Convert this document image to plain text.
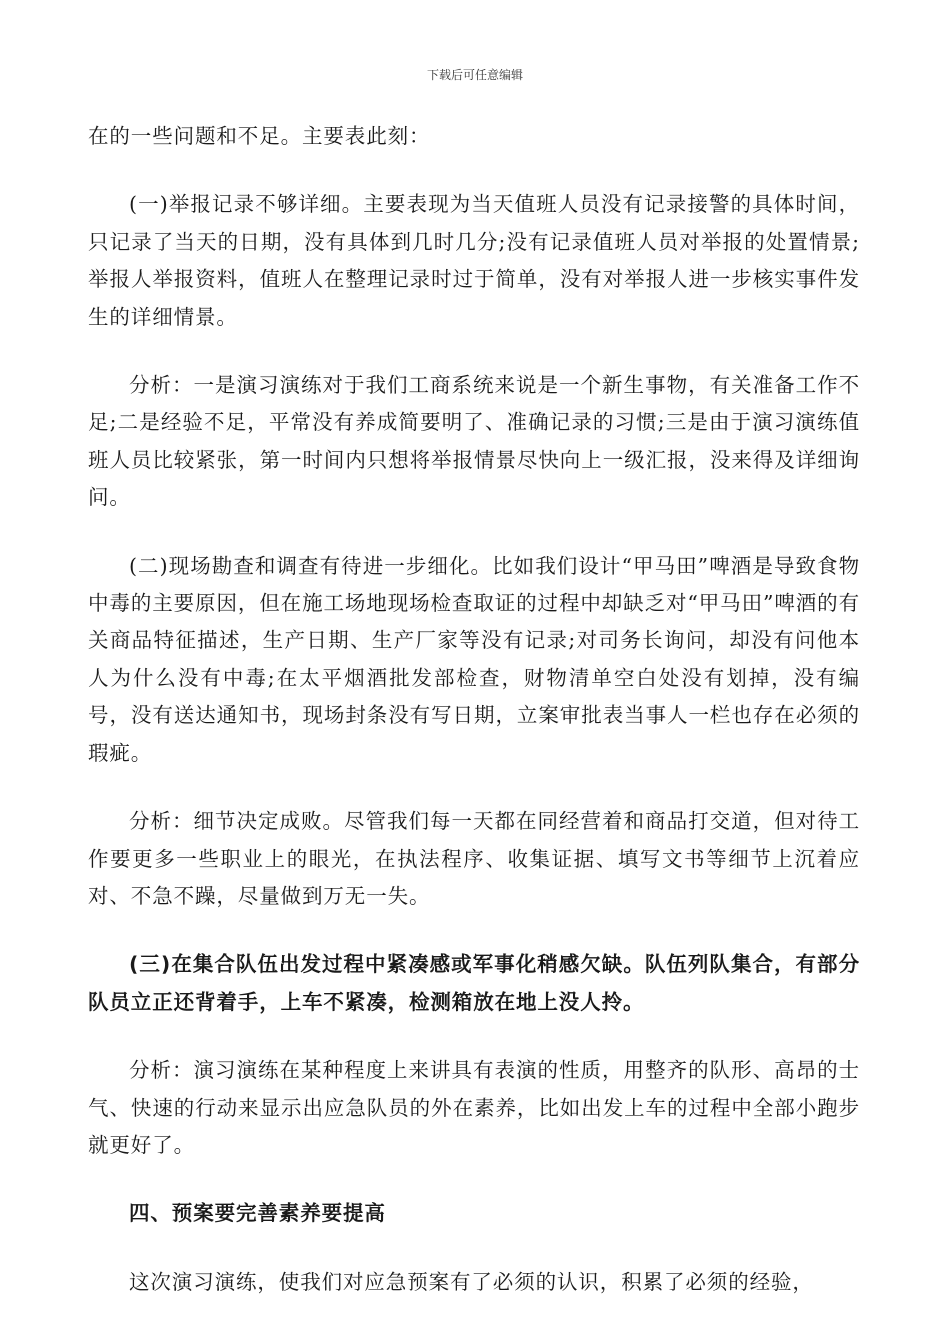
下载后可任意编辑

在的一些问题和不足。主要表此刻：

(一)举报记录不够详细。主要表现为当天值班人员没有记录接警的具体时间，只记录了当天的日期，没有具体到几时几分;没有记录值班人员对举报的处置情景;举报人举报资料，值班人在整理记录时过于简单，没有对举报人进一步核实事件发生的详细情景。

分析：一是演习演练对于我们工商系统来说是一个新生事物，有关准备工作不足;二是经验不足，平常没有养成简要明了、准确记录的习惯;三是由于演习演练值班人员比较紧张，第一时间内只想将举报情景尽快向上一级汇报，没来得及详细询问。

(二)现场勘查和调查有待进一步细化。比如我们设计“甲马田”啤酒是导致食物中毒的主要原因，但在施工场地现场检查取证的过程中却缺乏对“甲马田”啤酒的有关商品特征描述，生产日期、生产厂家等没有记录;对司务长询问，却没有问他本人为什么没有中毒;在太平烟酒批发部检查，财物清单空白处没有划掉，没有编号，没有送达通知书，现场封条没有写日期，立案审批表当事人一栏也存在必须的瑕疵。

分析：细节决定成败。尽管我们每一天都在同经营着和商品打交道，但对待工作要更多一些职业上的眼光，在执法程序、收集证据、填写文书等细节上沉着应对、不急不躁，尽量做到万无一失。

(三)在集合队伍出发过程中紧凑感或军事化稍感欠缺。队伍列队集合，有部分队员立正还背着手，上车不紧凑，检测箱放在地上没人拎。

分析：演习演练在某种程度上来讲具有表演的性质，用整齐的队形、高昂的士气、快速的行动来显示出应急队员的外在素养，比如出发上车的过程中全部小跑步就更好了。

四、预案要完善素养要提高

这次演习演练，使我们对应急预案有了必须的认识，积累了必须的经验，
